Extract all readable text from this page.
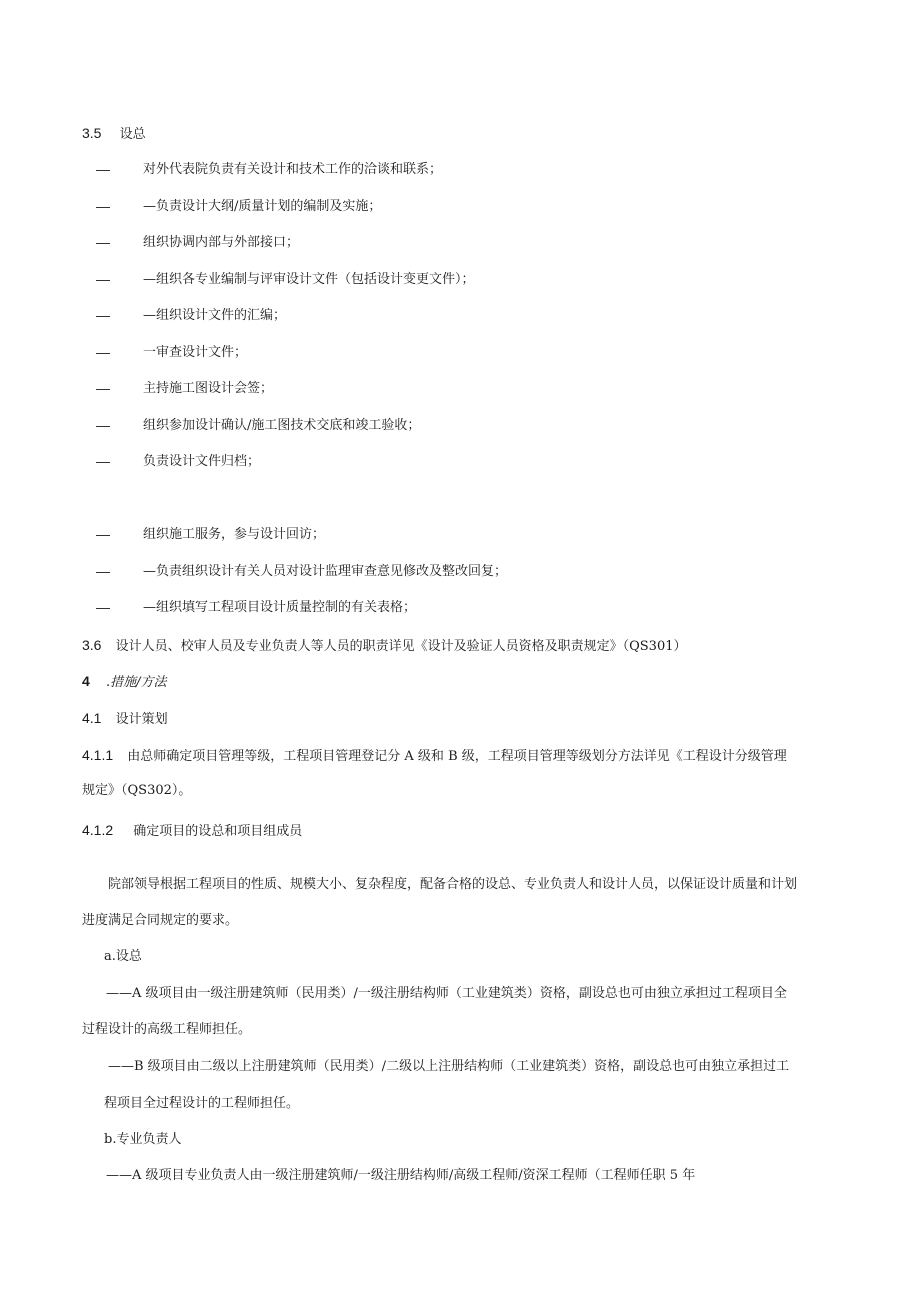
3.5 设总
对外代表院负责有关设计和技术工作的洽谈和联系；
—负责设计大纲/质量计划的编制及实施；
组织协调内部与外部接口；
—组织各专业编制与评审设计文件（包括设计变更文件）；
—组织设计文件的汇编；
一审查设计文件；
主持施工图设计会签；
组织参加设计确认/施工图技术交底和竣工验收；
负责设计文件归档；
组织施工服务，参与设计回访；
—负责组织设计有关人员对设计监理审查意见修改及整改回复；
—组织填写工程项目设计质量控制的有关表格；
3.6 设计人员、校审人员及专业负责人等人员的职责详见《设计及验证人员资格及职责规定》（QS301）
4 .措施/方法
4.1 设计策划
4.1.1 由总师确定项目管理等级，工程项目管理登记分 A 级和 B 级，工程项目管理等级划分方法详见《工程设计分级管理
规定》（QS302）。
4.1.2 确定项目的设总和项目组成员
院部领导根据工程项目的性质、规模大小、复杂程度，配备合格的设总、专业负责人和设计人员，以保证设计质量和计划
进度满足合同规定的要求。
a.设总
——A 级项目由一级注册建筑师（民用类）/一级注册结构师（工业建筑类）资格，副设总也可由独立承担过工程项目全
过程设计的高级工程师担任。
——B 级项目由二级以上注册建筑师（民用类）/二级以上注册结构师（工业建筑类）资格，副设总也可由独立承担过工
程项目全过程设计的工程师担任。
b.专业负责人
——A 级项目专业负责人由一级注册建筑师/一级注册结构师/高级工程师/资深工程师（工程师任职 5 年
